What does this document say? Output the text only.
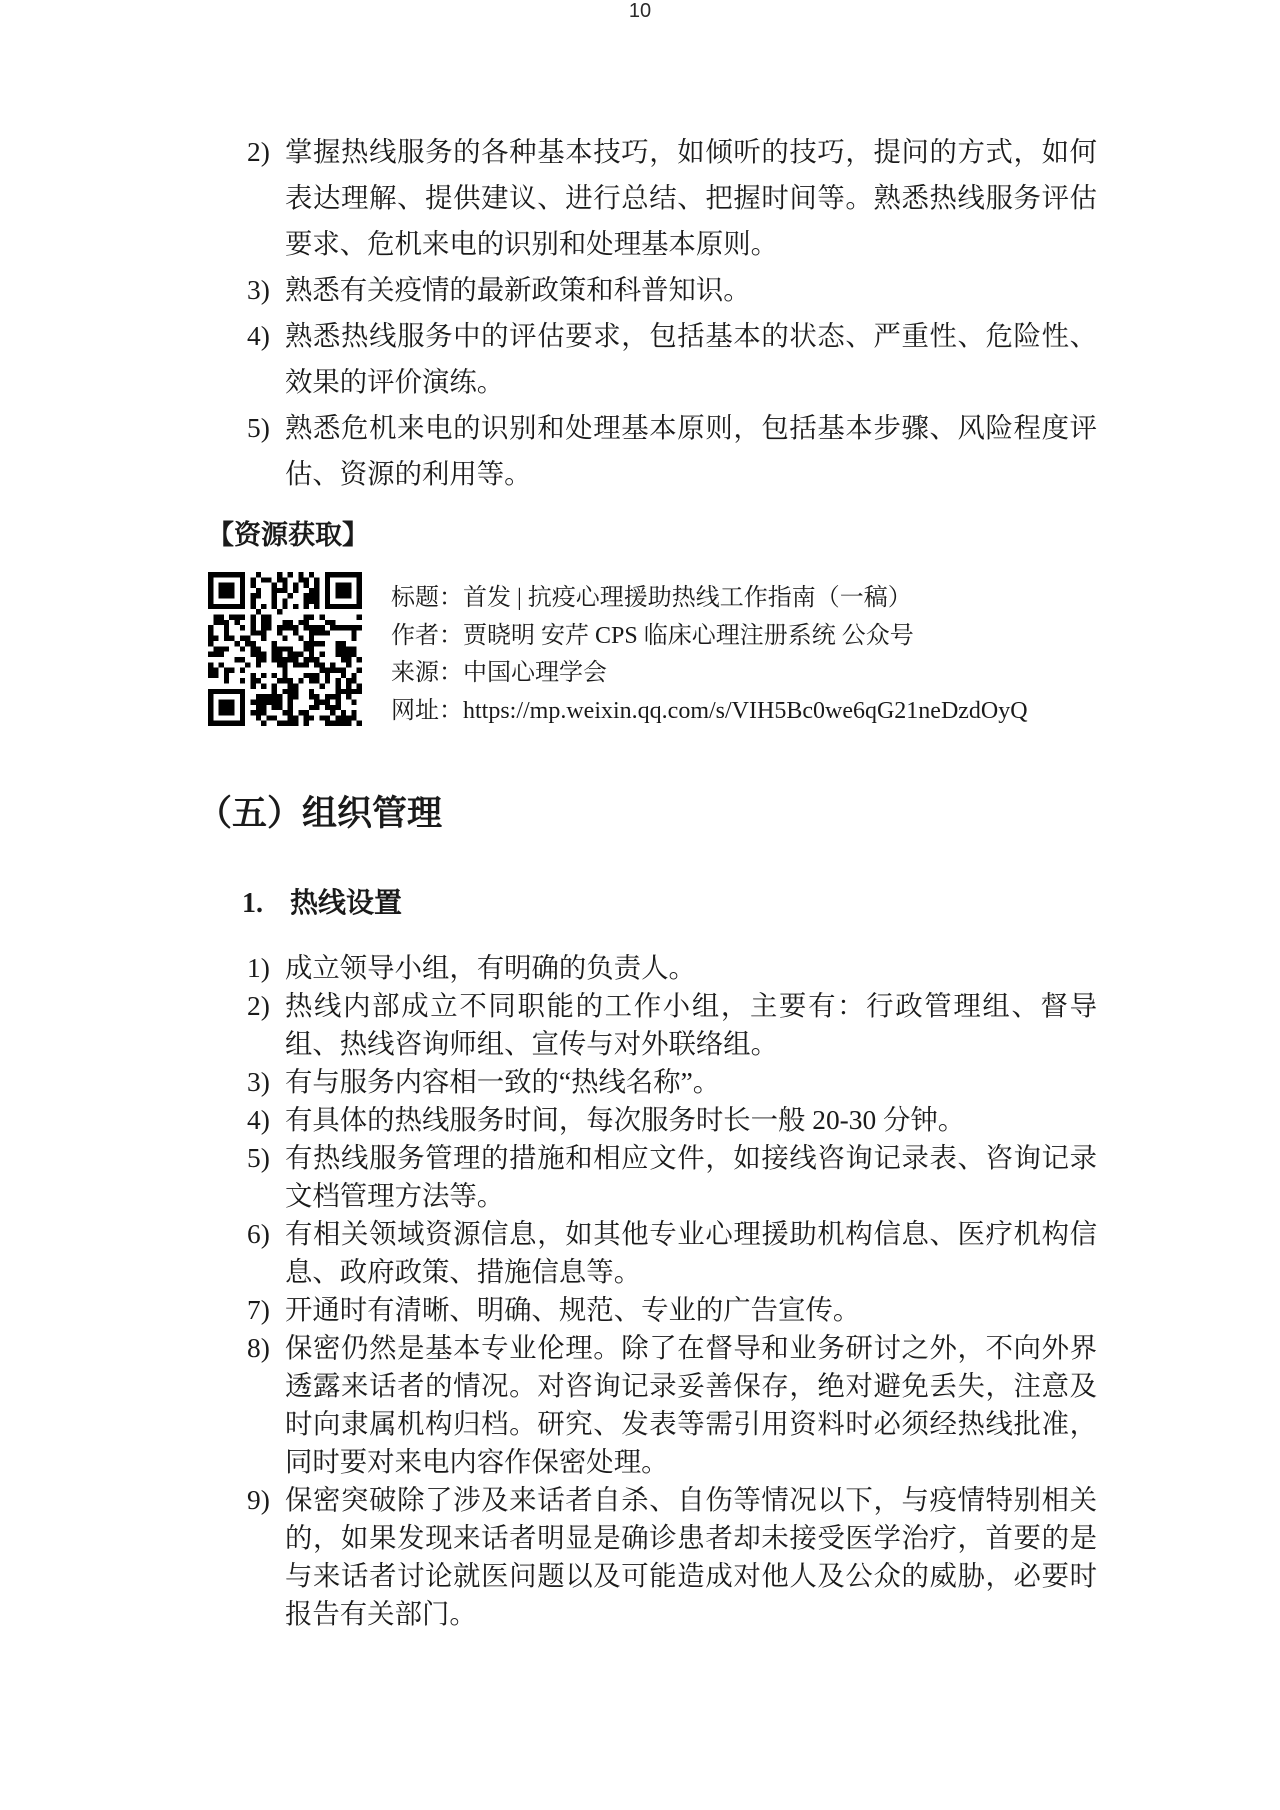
2) 掌握热线服务的各种基本技巧，如倾听的技巧，提问的方式，如何表达理解、提供建议、进行总结、把握时间等。熟悉热线服务评估要求、危机来电的识别和处理基本原则。
3) 熟悉有关疫情的最新政策和科普知识。
4) 熟悉热线服务中的评估要求，包括基本的状态、严重性、危险性、效果的评价演练。
5) 熟悉危机来电的识别和处理基本原则，包括基本步骤、风险程度评估、资源的利用等。
【资源获取】
标题： 首发 | 抗疫心理援助热线工作指南（一稿）
作者： 贾晓明 安芹 CPS 临床心理注册系统 公众号
来源： 中国心理学会
网址： https://mp.weixin.qq.com/s/VIH5Bc0we6qG21neDzdOyQ
（五）组织管理
1. 热线设置
1) 成立领导小组，有明确的负责人。
2) 热线内部成立不同职能的工作小组，主要有：行政管理组、督导组、热线咨询师组、宣传与对外联络组。
3) 有与服务内容相一致的“热线名称”。
4) 有具体的热线服务时间，每次服务时长一般 20-30 分钟。
5) 有热线服务管理的措施和相应文件，如接线咨询记录表、咨询记录文档管理方法等。
6) 有相关领域资源信息，如其他专业心理援助机构信息、医疗机构信息、政府政策、措施信息等。
7) 开通时有清晰、明确、规范、专业的广告宣传。
8) 保密仍然是基本专业伦理。除了在督导和业务研讨之外，不向外界透露来话者的情况。对咨询记录妥善保存，绝对避免丢失，注意及时向隶属机构归档。研究、发表等需引用资料时必须经热线批准，同时要对来电内容作保密处理。
9) 保密突破除了涉及来话者自杀、自伤等情况以下，与疫情特别相关的，如果发现来话者明显是确诊患者却未接受医学治疗，首要的是与来话者讨论就医问题以及可能造成对他人及公众的威胁，必要时报告有关部门。
10
